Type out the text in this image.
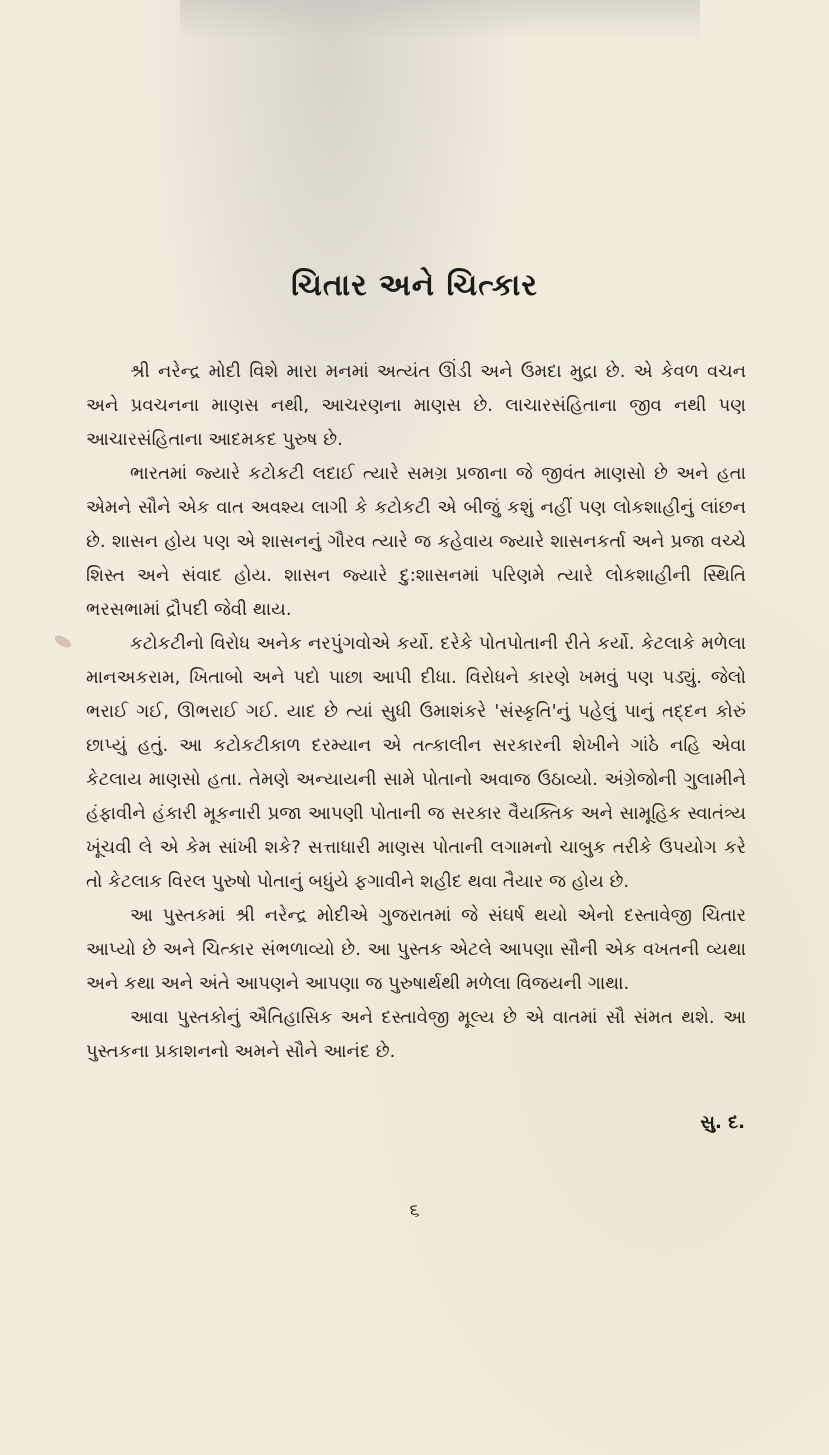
ચિતાર અને ચિત્કાર

શ્રી નરેન્દ્ર મોદી વિશે મારા મનમાં અત્યંત ઊંડી અને ઉમદા મુદ્રા છે. એ કેવળ વચન અને પ્રવચનના માણસ નથી, આચરણના માણસ છે. લાચારસંહિતાના જીવ નથી પણ આચારસંહિતાના આદમકદ પુરુષ છે.

ભારતમાં જ્યારે કટોકટી લદાઈ ત્યારે સમગ્ર પ્રજાના જે જીવંત માણસો છે અને હતા એમને સૌને એક વાત અવશ્ય લાગી કે કટોકટી એ બીજું કશું નહીં પણ લોકશાહીનું લાંછન છે. શાસન હોય પણ એ શાસનનું ગૌરવ ત્યારે જ કહેવાય જ્યારે શાસનકર્તા અને પ્રજા વચ્ચે શિસ્ત અને સંવાદ હોય. શાસન જ્યારે દુ:શાસનમાં પરિણમે ત્યારે લોકશાહીની સ્થિતિ ભરસભામાં દ્રૌપદી જેવી થાય.

કટોકટીનો વિરોધ અનેક નરપુંગવોએ કર્યો. દરેકે પોતપોતાની રીતે કર્યો. કેટલાકે મળેલા માનઅકરામ, ખિતાબો અને પદો પાછા આપી દીધા. વિરોધને કારણે ખમવું પણ પડ્યું. જેલો ભરાઈ ગઈ, ઊભરાઈ ગઈ. યાદ છે ત્યાં સુધી ઉમાશંકરે 'સંસ્કૃતિ'નું પહેલું પાનું તદ્દન કોરું છાપ્યું હતું. આ કટોકટીકાળ દરમ્યાન એ તત્કાલીન સરકારની શેખીને ગાંઠે નહિ એવા કેટલાય માણસો હતા. તેમણે અન્યાયની સામે પોતાનો અવાજ ઉઠાવ્યો. અંગ્રેજોની ગુલામીને હંફાવીને હંકારી મૂકનારી પ્રજા આપણી પોતાની જ સરકાર વૈયક્તિક અને સામૂહિક સ્વાતંત્ર્ય ખૂંચવી લે એ કેમ સાંખી શકે? સત્તાધારી માણસ પોતાની લગામનો ચાબુક તરીકે ઉપયોગ કરે તો કેટલાક વિરલ પુરુષો પોતાનું બધુંયે ફગાવીને શહીદ થવા તૈયાર જ હોય છે.

આ પુસ્તકમાં શ્રી નરેન્દ્ર મોદીએ ગુજરાતમાં જે સંઘર્ષ થયો એનો દસ્તાવેજી ચિતાર આપ્યો છે અને ચિત્કાર સંભળાવ્યો છે. આ પુસ્તક એટલે આપણા સૌની એક વખતની વ્યથા અને કથા અને અંતે આપણને આપણા જ પુરુષાર્થથી મળેલા વિજયની ગાથા.

આવા પુસ્તકોનું ઐતિહાસિક અને દસ્તાવેજી મૂલ્ય છે એ વાતમાં સૌ સંમત થશે. આ પુસ્તકના પ્રકાશનનો અમને સૌને આનંદ છે.

સુ. દ.
૬
